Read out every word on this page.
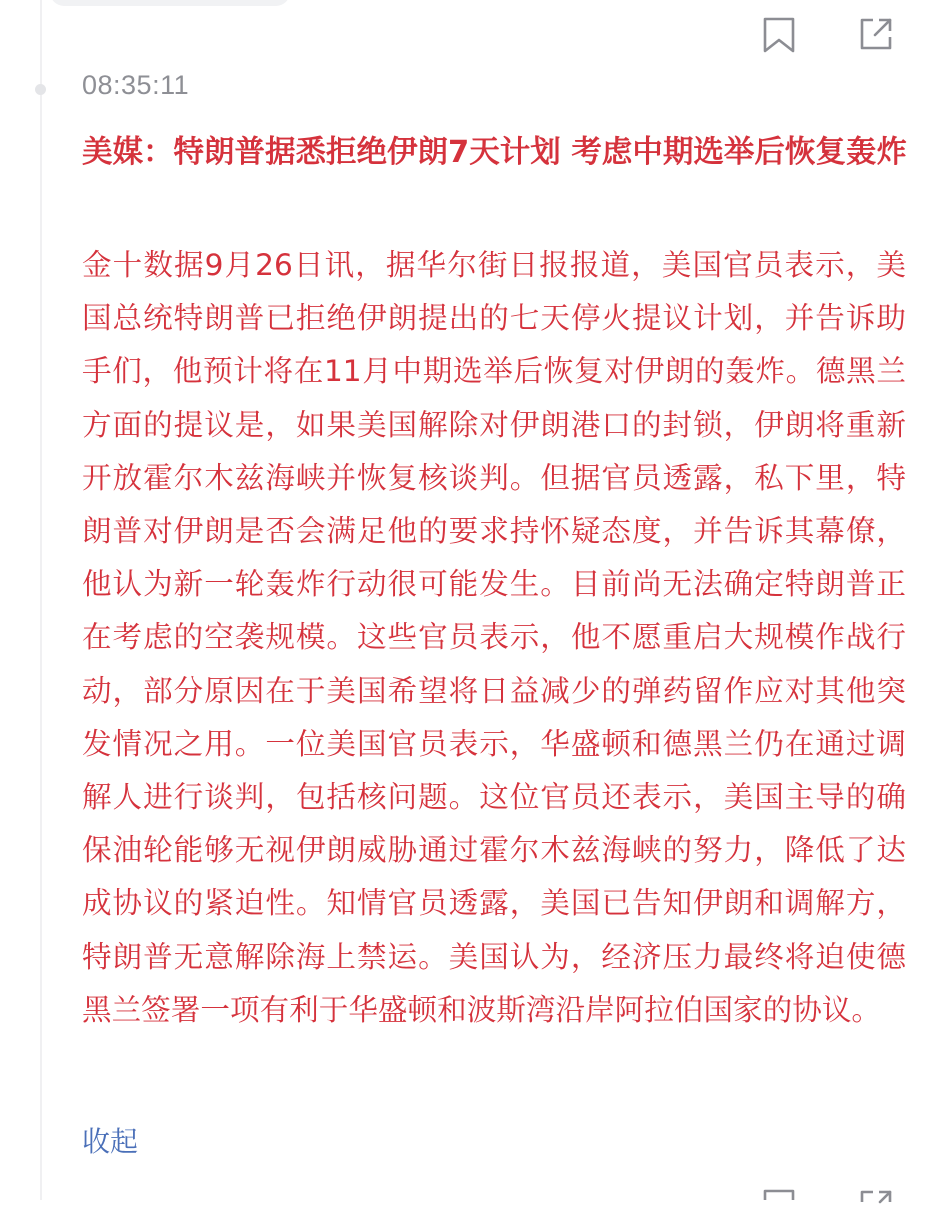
08:35:11
美媒：特朗普据悉拒绝伊朗7天计划 考虑中期选举后恢复轰炸

金十数据9月26日讯，据华尔街日报报道，美国官员表示，美国总统特朗普已拒绝伊朗提出的七天停火提议计划，并告诉助手们，他预计将在11月中期选举后恢复对伊朗的轰炸。德黑兰方面的提议是，如果美国解除对伊朗港口的封锁，伊朗将重新开放霍尔木兹海峡并恢复核谈判。但据官员透露，私下里，特朗普对伊朗是否会满足他的要求持怀疑态度，并告诉其幕僚，他认为新一轮轰炸行动很可能发生。目前尚无法确定特朗普正在考虑的空袭规模。这些官员表示，他不愿重启大规模作战行动，部分原因在于美国希望将日益减少的弹药留作应对其他突发情况之用。一位美国官员表示，华盛顿和德黑兰仍在通过调解人进行谈判，包括核问题。这位官员还表示，美国主导的确保油轮能够无视伊朗威胁通过霍尔木兹海峡的努力，降低了达成协议的紧迫性。知情官员透露，美国已告知伊朗和调解方，特朗普无意解除海上禁运。美国认为，经济压力最终将迫使德黑兰签署一项有利于华盛顿和波斯湾沿岸阿拉伯国家的协议。

收起
